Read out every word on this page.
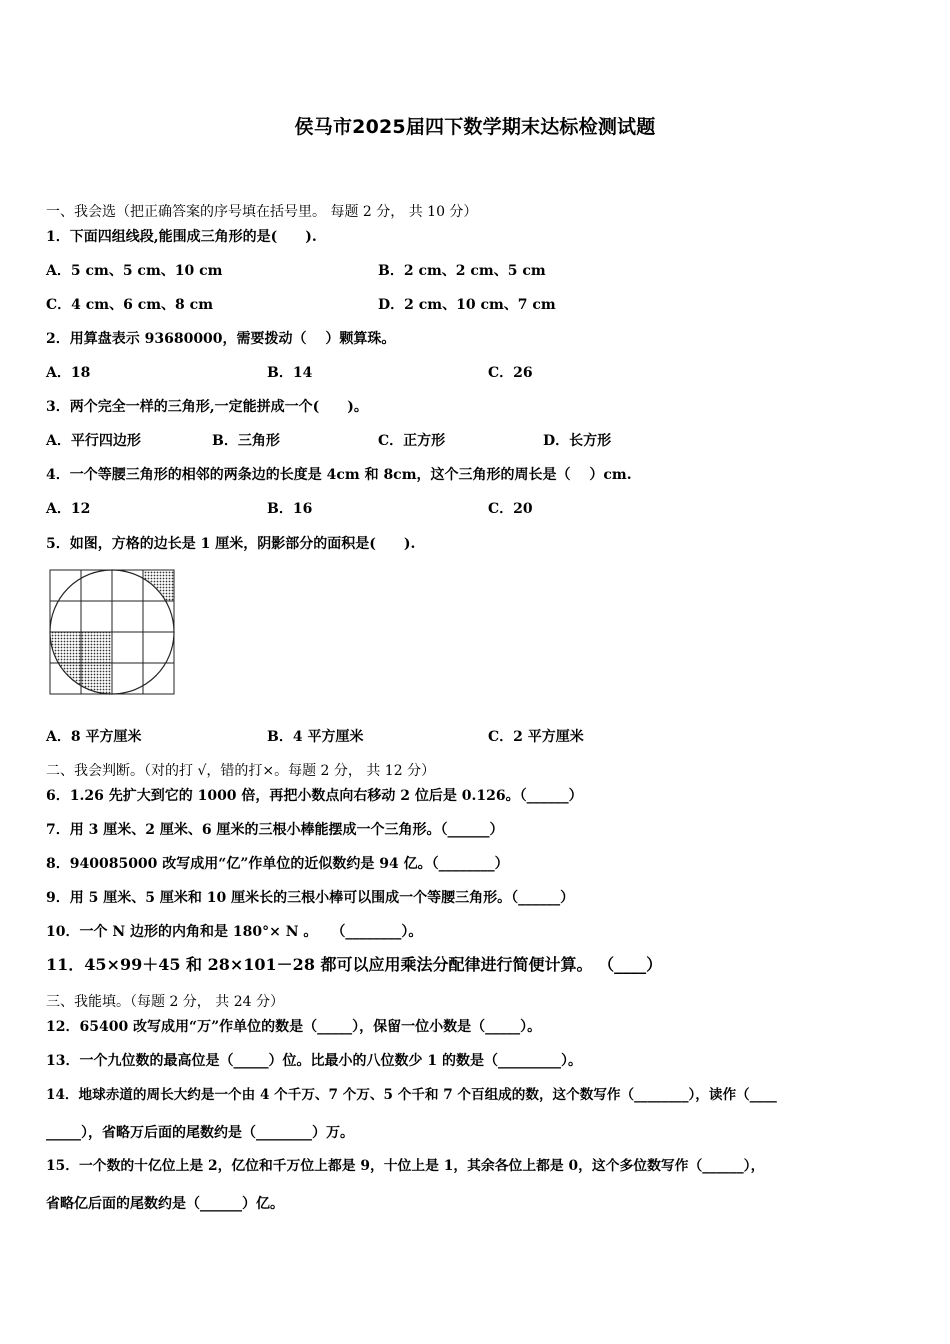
侯马市2025届四下数学期末达标检测试题
一、我会选（把正确答案的序号填在括号里。 每题 2 分， 共 10 分）
1．下面四组线段,能围成三角形的是(　　).
A．5 cm、5 cm、10 cm	B．2 cm、2 cm、5 cm
C．4 cm、6 cm、8 cm	D．2 cm、10 cm、7 cm
2．用算盘表示 93680000，需要拨动（　 ）颗算珠。
A．18	B．14	C．26
3．两个完全一样的三角形,一定能拼成一个(　　)。
A．平行四边形	B．三角形	C．正方形	D．长方形
4．一个等腰三角形的相邻的两条边的长度是 4cm 和 8cm，这个三角形的周长是（　 ）cm.
A．12	B．16	C．20
5．如图，方格的边长是 1 厘米，阴影部分的面积是(　　).
A．8 平方厘米	B．4 平方厘米	C．2 平方厘米
二、我会判断。（对的打 √，错的打×。每题 2 分， 共 12 分）
6．1.26 先扩大到它的 1000 倍，再把小数点向右移动 2 位后是 0.126。（______）
7．用 3 厘米、2 厘米、6 厘米的三根小棒能摆成一个三角形。（______）
8．940085000 改写成用“亿”作单位的近似数约是 94 亿。（________）
9．用 5 厘米、5 厘米和 10 厘米长的三根小棒可以围成一个等腰三角形。（______）
10．一个 N 边形的内角和是 180°× N 。　　（________）。
11．45×99＋45 和 28×101－28 都可以应用乘法分配律进行简便计算。 （____）
三、我能填。（每题 2 分， 共 24 分）
12．65400 改写成用“万”作单位的数是（_____），保留一位小数是（_____）。
13．一个九位数的最高位是（_____）位。比最小的八位数少 1 的数是（_________）。
14．地球赤道的周长大约是一个由 4 个千万、7 个万、5 个千和 7 个百组成的数，这个数写作（________），读作（____
_____），省略万后面的尾数约是（________）万。
15．一个数的十亿位上是 2，亿位和千万位上都是 9，十位上是 1，其余各位上都是 0，这个多位数写作（______），
省略亿后面的尾数约是（______）亿。
